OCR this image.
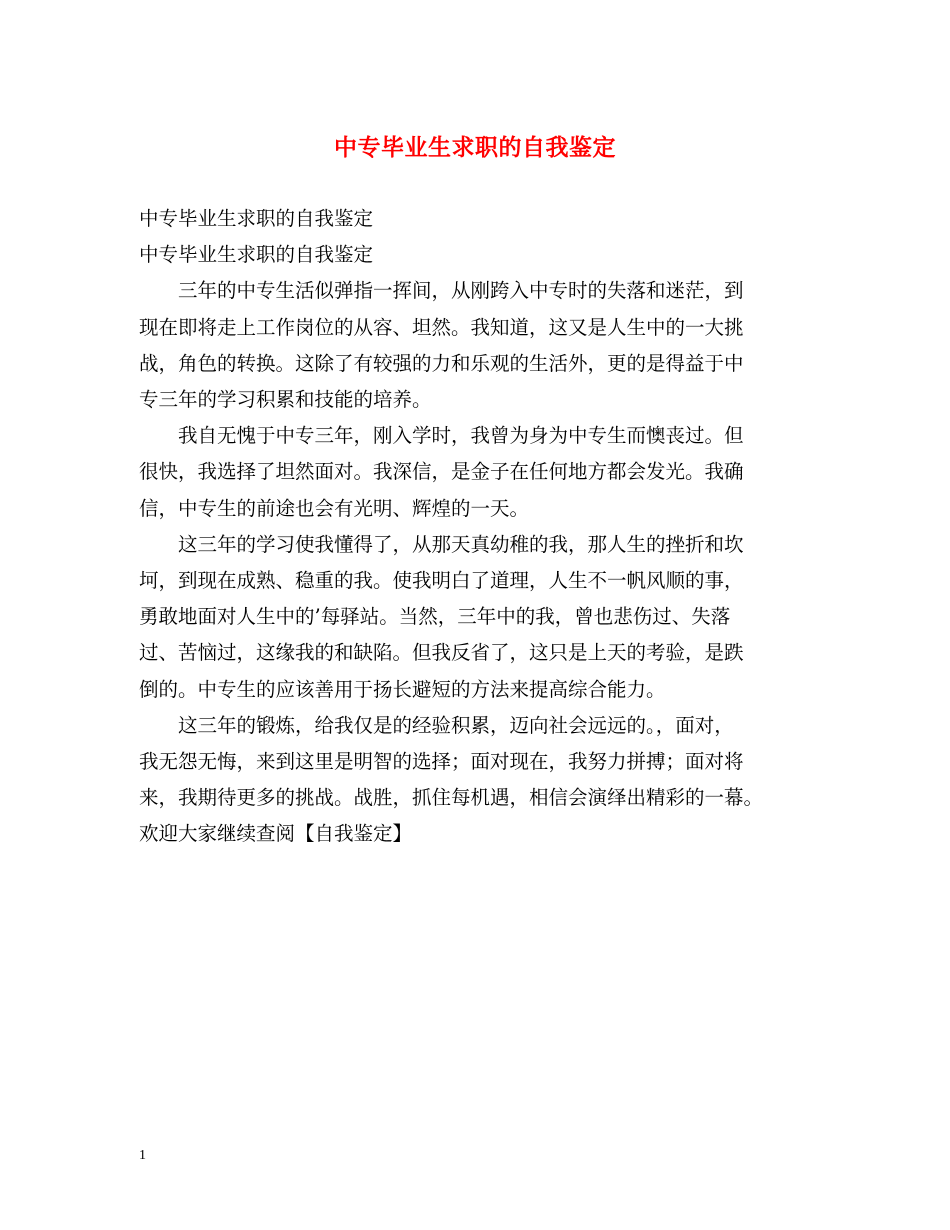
中专毕业生求职的自我鉴定
中专毕业生求职的自我鉴定
中专毕业生求职的自我鉴定
　　三年的中专生活似弹指一挥间，从刚跨入中专时的失落和迷茫，到
现在即将走上工作岗位的从容、坦然。我知道，这又是人生中的一大挑
战，角色的转换。这除了有较强的力和乐观的生活外，更的是得益于中
专三年的学习积累和技能的培养。
　　我自无愧于中专三年，刚入学时，我曾为身为中专生而懊丧过。但
很快，我选择了坦然面对。我深信，是金子在任何地方都会发光。我确
信，中专生的前途也会有光明、辉煌的一天。
　　这三年的学习使我懂得了，从那天真幼稚的我，那人生的挫折和坎
坷，到现在成熟、稳重的我。使我明白了道理，人生不一帆风顺的事，
勇敢地面对人生中的’每驿站。当然，三年中的我，曾也悲伤过、失落
过、苦恼过，这缘我的和缺陷。但我反省了，这只是上天的考验，是跌
倒的。中专生的应该善用于扬长避短的方法来提高综合能力。
　　这三年的锻炼，给我仅是的经验积累，迈向社会远远的。，面对，
我无怨无悔，来到这里是明智的选择；面对现在，我努力拼搏；面对将
来，我期待更多的挑战。战胜，抓住每机遇，相信会演绎出精彩的一幕。
欢迎大家继续查阅【自我鉴定】
1
